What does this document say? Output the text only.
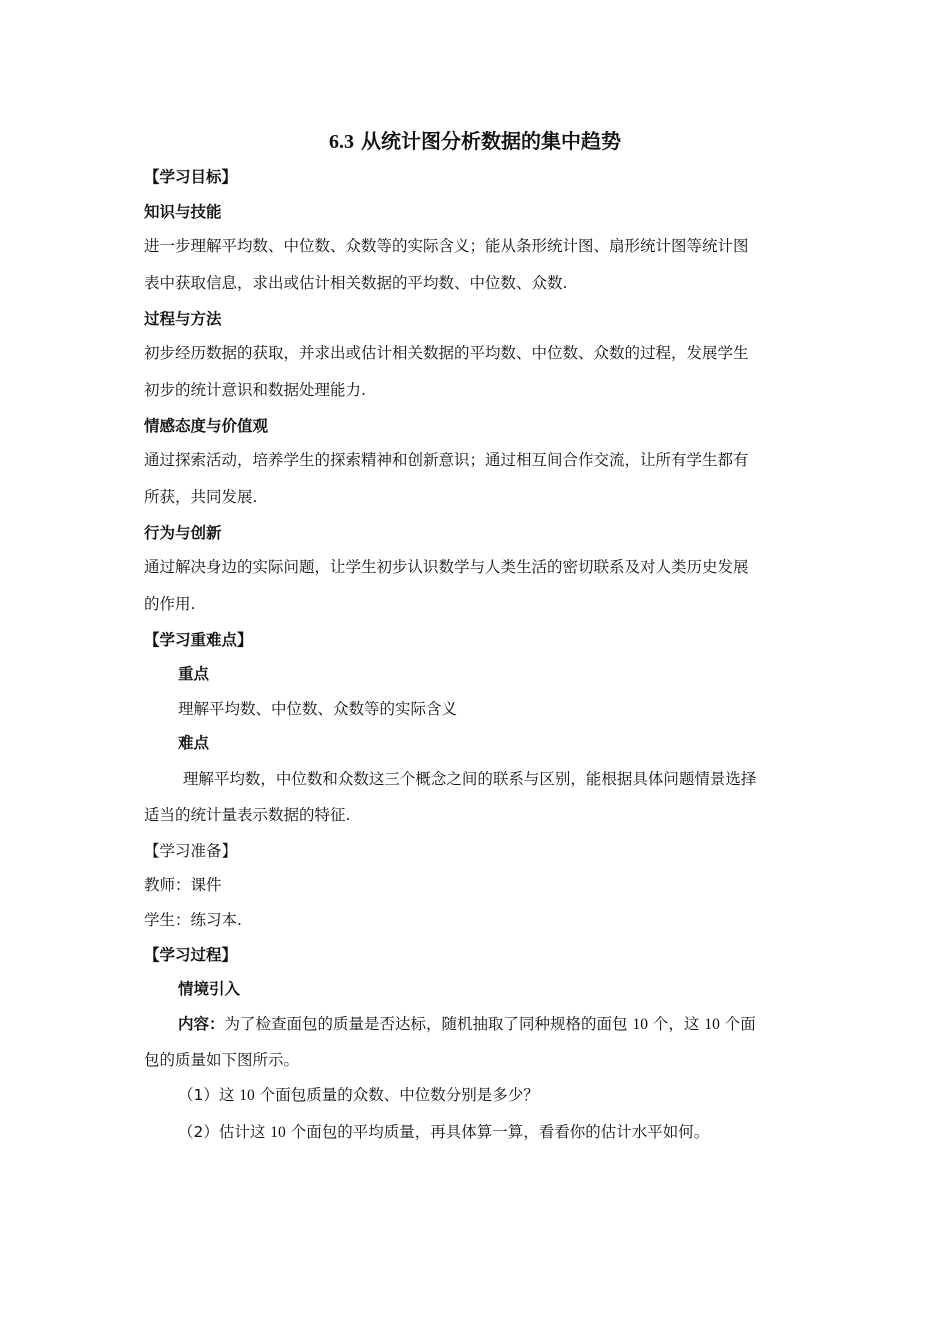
6.3 从统计图分析数据的集中趋势
【学习目标】
知识与技能
进一步理解平均数、中位数、众数等的实际含义；能从条形统计图、扇形统计图等统计图
表中获取信息，求出或估计相关数据的平均数、中位数、众数.
过程与方法
初步经历数据的获取，并求出或估计相关数据的平均数、中位数、众数的过程，发展学生
初步的统计意识和数据处理能力.
情感态度与价值观
通过探索活动，培养学生的探索精神和创新意识；通过相互间合作交流，让所有学生都有
所获，共同发展.
行为与创新
通过解决身边的实际问题，让学生初步认识数学与人类生活的密切联系及对人类历史发展
的作用.
【学习重难点】
重点
理解平均数、中位数、众数等的实际含义
难点
理解平均数，中位数和众数这三个概念之间的联系与区别，能根据具体问题情景选择
适当的统计量表示数据的特征.
【学习准备】
教师：课件
学生：练习本.
【学习过程】
情境引入
内容：为了检查面包的质量是否达标，随机抽取了同种规格的面包 10 个，这 10 个面
包的质量如下图所示。
（1）这 10 个面包质量的众数、中位数分别是多少？
（2）估计这 10 个面包的平均质量，再具体算一算，看看你的估计水平如何。
